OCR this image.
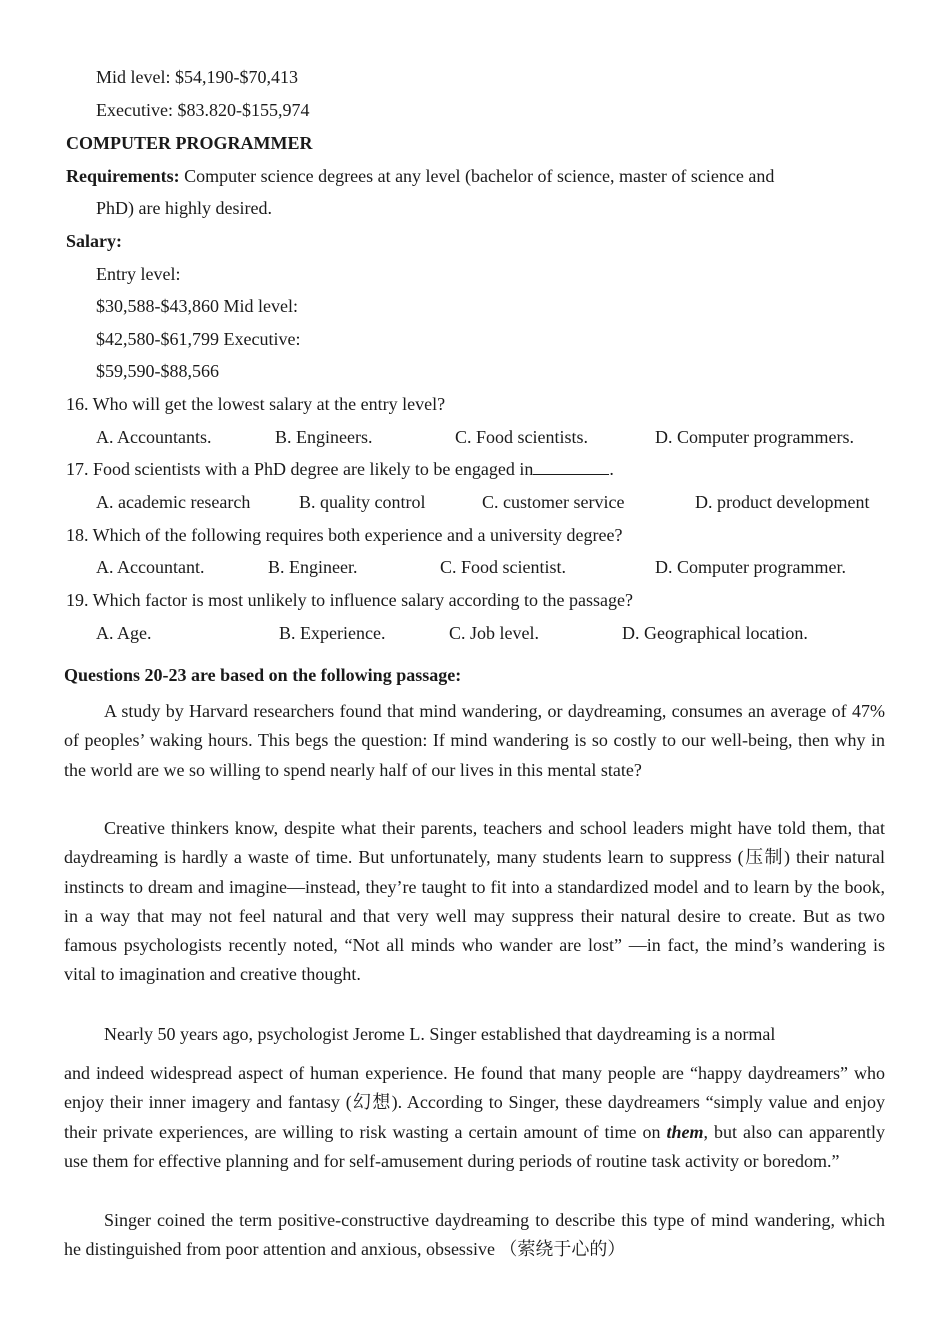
Mid level: $54,190-$70,413
Executive: $83.820-$155,974
COMPUTER PROGRAMMER
Requirements: Computer science degrees at any level (bachelor of science, master of science and
PhD) are highly desired.
Salary:
Entry level:
$30,588-$43,860 Mid level:
$42,580-$61,799 Executive:
$59,590-$88,566
16. Who will get the lowest salary at the entry level?
A. Accountants.	B. Engineers.	C. Food scientists.	D. Computer programmers.
17. Food scientists with a PhD degree are likely to be engaged in	.
A. academic research	B. quality control	C. customer service	D. product development
18. Which of the following requires both experience and a university degree?
A. Accountant.	B. Engineer.	C. Food scientist.	D. Computer programmer.
19. Which factor is most unlikely to influence salary according to the passage?
A. Age.	B. Experience.	C. Job level.	D. Geographical location.
Questions 20-23 are based on the following passage:
A study by Harvard researchers found that mind wandering, or daydreaming, consumes an average of 47% of peoples’ waking hours. This begs the question: If mind wandering is so costly to our well-being, then why in the world are we so willing to spend nearly half of our lives in this mental state?
Creative thinkers know, despite what their parents, teachers and school leaders might have told them, that daydreaming is hardly a waste of time. But unfortunately, many students learn to suppress (压制) their natural instincts to dream and imagine—instead, they’re taught to fit into a standardized model and to learn by the book, in a way that may not feel natural and that very well may suppress their natural desire to create. But as two famous psychologists recently noted, “Not all minds who wander are lost” —in fact, the mind’s wandering is vital to imagination and creative thought.
Nearly 50 years ago, psychologist Jerome L. Singer established that daydreaming is a normal
and indeed widespread aspect of human experience. He found that many people are “happy daydreamers” who enjoy their inner imagery and fantasy (幻想). According to Singer, these daydreamers “simply value and enjoy their private experiences, are willing to risk wasting a certain amount of time on them, but also can apparently use them for effective planning and for self-amusement during periods of routine task activity or boredom.”
Singer coined the term positive-constructive daydreaming to describe this type of mind wandering, which he distinguished from poor attention and anxious, obsessive （萦绕于心的）
